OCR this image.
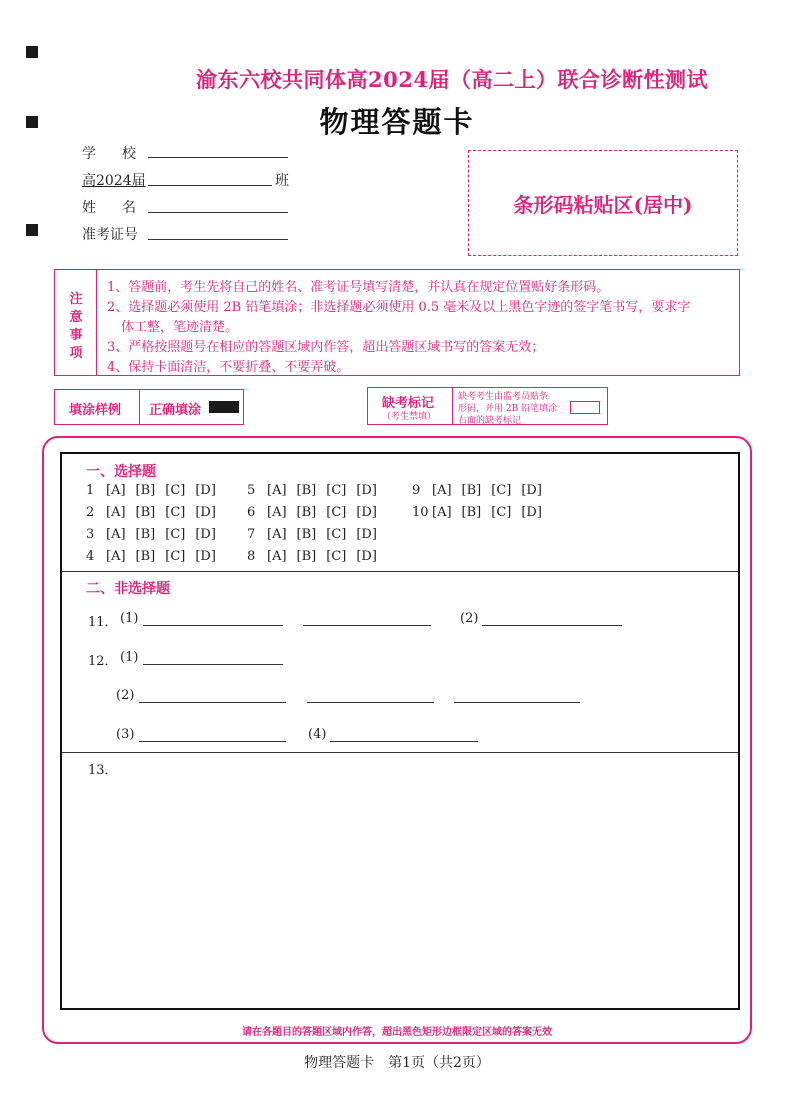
渝东六校共同体高2024届（高二上）联合诊断性测试
物理答题卡
学　校
高2024届	班
姓　名
准考证号
条形码粘贴区(居中)
注
意
事
项
1、答题前，考生先将自己的姓名、准考证号填写清楚，并认真在规定位置贴好条形码。
2、选择题必须使用 2B 铅笔填涂；非选择题必须使用 0.5 毫米及以上黑色字迹的签字笔书写，要求字
体工整，笔迹清楚。
3、严格按照题号在相应的答题区域内作答，超出答题区域书写的答案无效；
4、保持卡面清洁，不要折叠、不要弄破。
填涂样例 正确填涂	缺考标记
（考生禁填）
缺考考生由监考员贴条
形码，并用 2B 铅笔填涂
右面的缺考标记
一、选择题
1 [A] [B] [C] [D]
2 [A] [B] [C] [D]
3 [A] [B] [C] [D]
4 [A] [B] [C] [D]
5 [A] [B] [C] [D]
6 [A] [B] [C] [D]
7 [A] [B] [C] [D]
8 [A] [B] [C] [D]
9 [A] [B] [C] [D]
10 [A] [B] [C] [D]
二、非选择题
11． (1)	(2)
12． (1)
(2)
(3)	(4)
13．
请在各题目的答题区域内作答，超出黑色矩形边框限定区域的答案无效
物理答题卡　第1页（共2页）
